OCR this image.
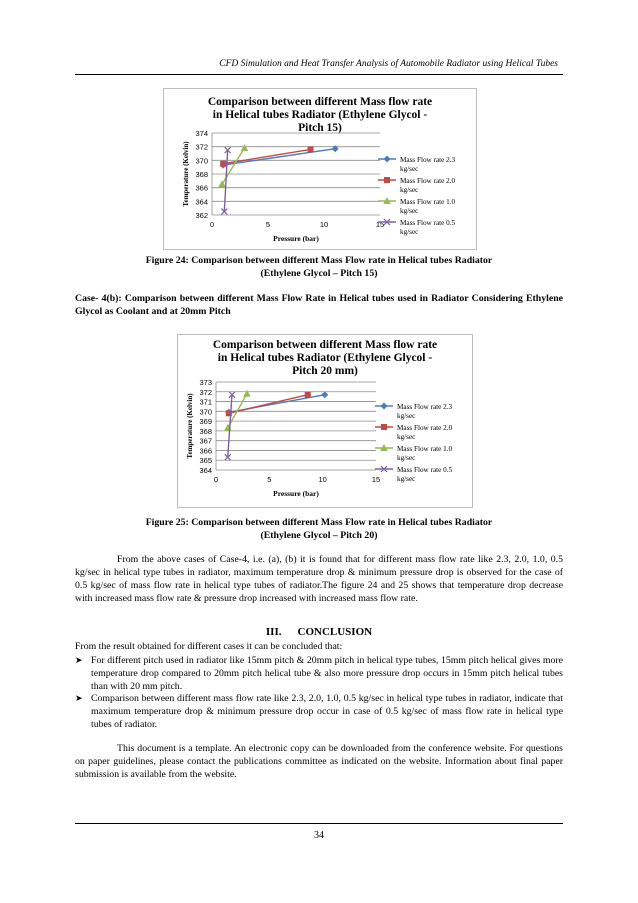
CFD Simulation and Heat Transfer Analysis of Automobile Radiator using Helical Tubes
Comparison between different Mass flow rate
in Helical tubes Radiator (Ethylene Glycol -
Pitch 15)
362
364
366
368
370
372
374
0	5	10	15
Pressure (bar)
Temperature (Kelvin)	Mass Flow rate 2.3 kg/sec
Mass Flow rate 2.0 kg/sec
Mass Flow rate 1.0 kg/sec
Mass Flow rate 0.5 kg/sec
Figure 24: Comparison between different Mass Flow rate in Helical tubes Radiator
(Ethylene Glycol – Pitch 15)
Case- 4(b): Comparison between different Mass Flow Rate in Helical tubes used in Radiator Considering Ethylene Glycol as Coolant and at 20mm Pitch
Comparison between different Mass flow rate
in Helical tubes Radiator (Ethylene Glycol -
Pitch 20 mm)
364
365
366
367
368
369
370
371
372
373
0	5	10	15
Pressure (bar)
Temperature (Kelvin)	Mass Flow rate 2.3 kg/sec
Mass Flow rate 2.0 kg/sec
Mass Flow rate 1.0 kg/sec
Mass Flow rate 0.5 kg/sec
Figure 25: Comparison between different Mass Flow rate in Helical tubes Radiator
(Ethylene Glycol – Pitch 20)
From the above cases of Case-4, i.e. (a), (b) it is found that for different mass flow rate like 2.3, 2.0, 1.0, 0.5 kg/sec in helical type tubes in radiator, maximum temperature drop & minimum pressure drop is observed for the case of 0.5 kg/sec of mass flow rate in helical type tubes of radiator.The figure 24 and 25 shows that temperature drop decrease with increased mass flow rate & pressure drop increased with increased mass flow rate.
III. CONCLUSION
From the result obtained for different cases it can be concluded that:
➤ For different pitch used in radiator like 15mm pitch & 20mm pitch in helical type tubes, 15mm pitch helical gives more temperature drop compared to 20mm pitch helical tube & also more pressure drop occurs in 15mm pitch helical tubes than with 20 mm pitch.
➤ Comparison between different mass flow rate like 2.3, 2.0, 1.0, 0.5 kg/sec in helical type tubes in radiator, indicate that maximum temperature drop & minimum pressure drop occur in case of 0.5 kg/sec of mass flow rate in helical type tubes of radiator.
This document is a template. An electronic copy can be downloaded from the conference website. For questions on paper guidelines, please contact the publications committee as indicated on the website. Information about final paper submission is available from the website.
34
